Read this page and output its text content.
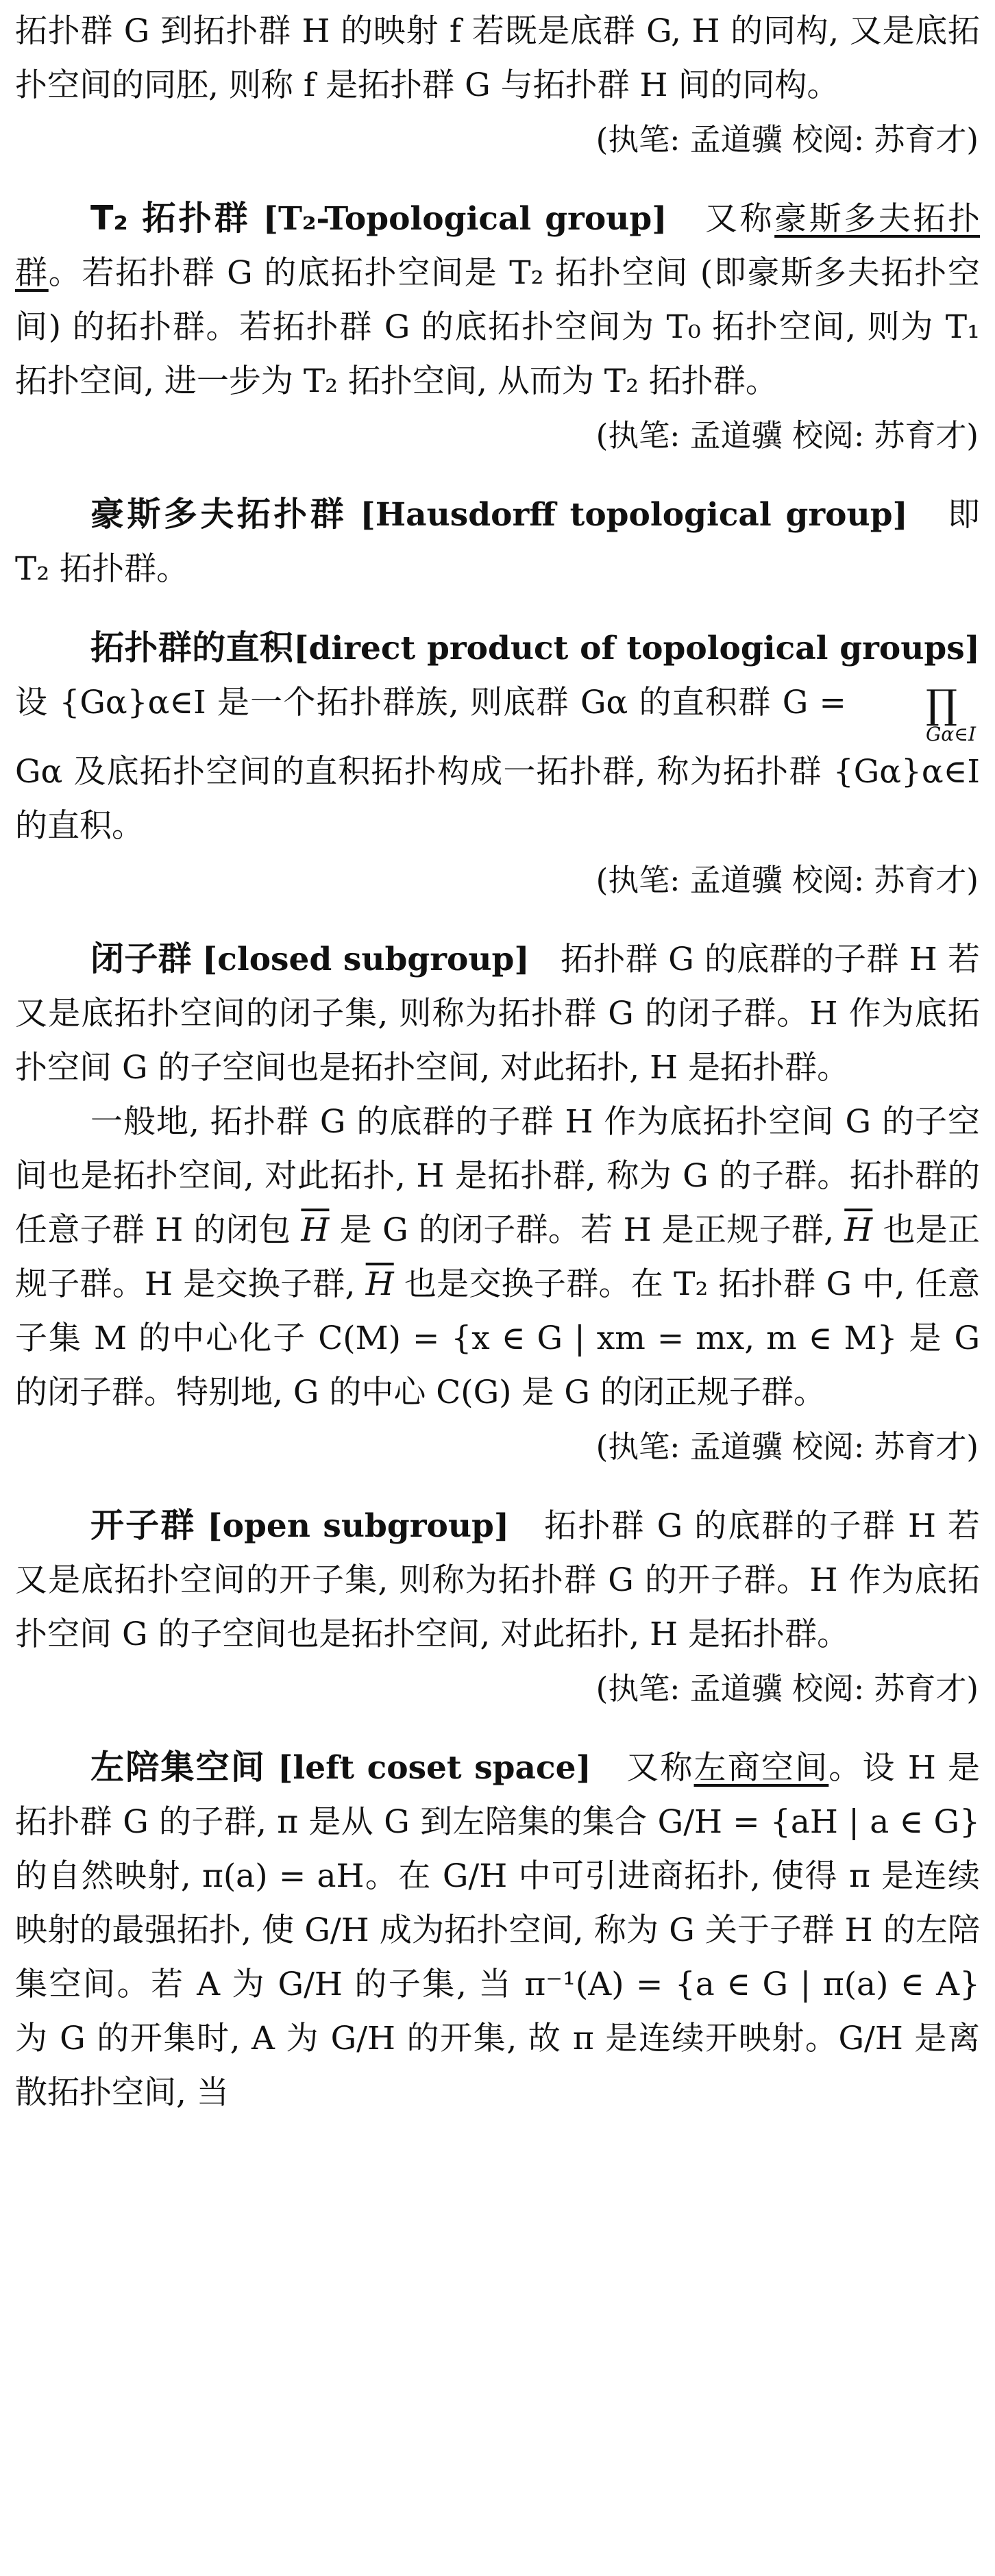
拓扑群 G 到拓扑群 H 的映射 f 若既是底群 G, H 的同构, 又是底拓扑空间的同胚, 则称 f 是拓扑群 G 与拓扑群 H 间的同构。

(执笔: 孟道骥 校阅: 苏育才)

T₂ 拓扑群 [T₂-Topological group] 又称豪斯多夫拓扑群。若拓扑群 G 的底拓扑空间是 T₂ 拓扑空间 (即豪斯多夫拓扑空间) 的拓扑群。若拓扑群 G 的底拓扑空间为 T₀ 拓扑空间, 则为 T₁ 拓扑空间, 进一步为 T₂ 拓扑空间, 从而为 T₂ 拓扑群。

(执笔: 孟道骥 校阅: 苏育才)

豪斯多夫拓扑群 [Hausdorff topological group] 即 T₂ 拓扑群。

拓扑群的直积[direct product of topological groups] 设 {Gα}α∈I 是一个拓扑群族, 则底群 Gα 的直积群 G =	∏
Gα∈I
Gα 及底拓扑空间的直积拓扑构成一拓扑群, 称为拓扑群 {Gα}α∈I 的直积。

(执笔: 孟道骥 校阅: 苏育才)

闭子群 [closed subgroup] 拓扑群 G 的底群的子群 H 若又是底拓扑空间的闭子集, 则称为拓扑群 G 的闭子群。H 作为底拓扑空间 G 的子空间也是拓扑空间, 对此拓扑, H 是拓扑群。

一般地, 拓扑群 G 的底群的子群 H 作为底拓扑空间 G 的子空间也是拓扑空间, 对此拓扑, H 是拓扑群, 称为 G 的子群。拓扑群的任意子群 H 的闭包 $\overline{H}$ 是 G 的闭子群。若 H 是正规子群, $\overline{H}$ 也是正规子群。H 是交换子群, $\overline{H}$ 也是交换子群。在 T₂ 拓扑群 G 中, 任意子集 M 的中心化子 C(M) = {x ∈ G | xm = mx, m ∈ M} 是 G 的闭子群。特别地, G 的中心 C(G) 是 G 的闭正规子群。

(执笔: 孟道骥 校阅: 苏育才)

开子群 [open subgroup] 拓扑群 G 的底群的子群 H 若又是底拓扑空间的开子集, 则称为拓扑群 G 的开子群。H 作为底拓扑空间 G 的子空间也是拓扑空间, 对此拓扑, H 是拓扑群。

(执笔: 孟道骥 校阅: 苏育才)

左陪集空间 [left coset space] 又称左商空间。设 H 是拓扑群 G 的子群, π 是从 G 到左陪集的集合 G/H = {aH | a ∈ G} 的自然映射, π(a) = aH。在 G/H 中可引进商拓扑, 使得 π 是连续映射的最强拓扑, 使 G/H 成为拓扑空间, 称为 G 关于子群 H 的左陪集空间。若 A 为 G/H 的子集, 当 π⁻¹(A) = {a ∈ G | π(a) ∈ A} 为 G 的开集时, A 为 G/H 的开集, 故 π 是连续开映射。G/H 是离散拓扑空间, 当
